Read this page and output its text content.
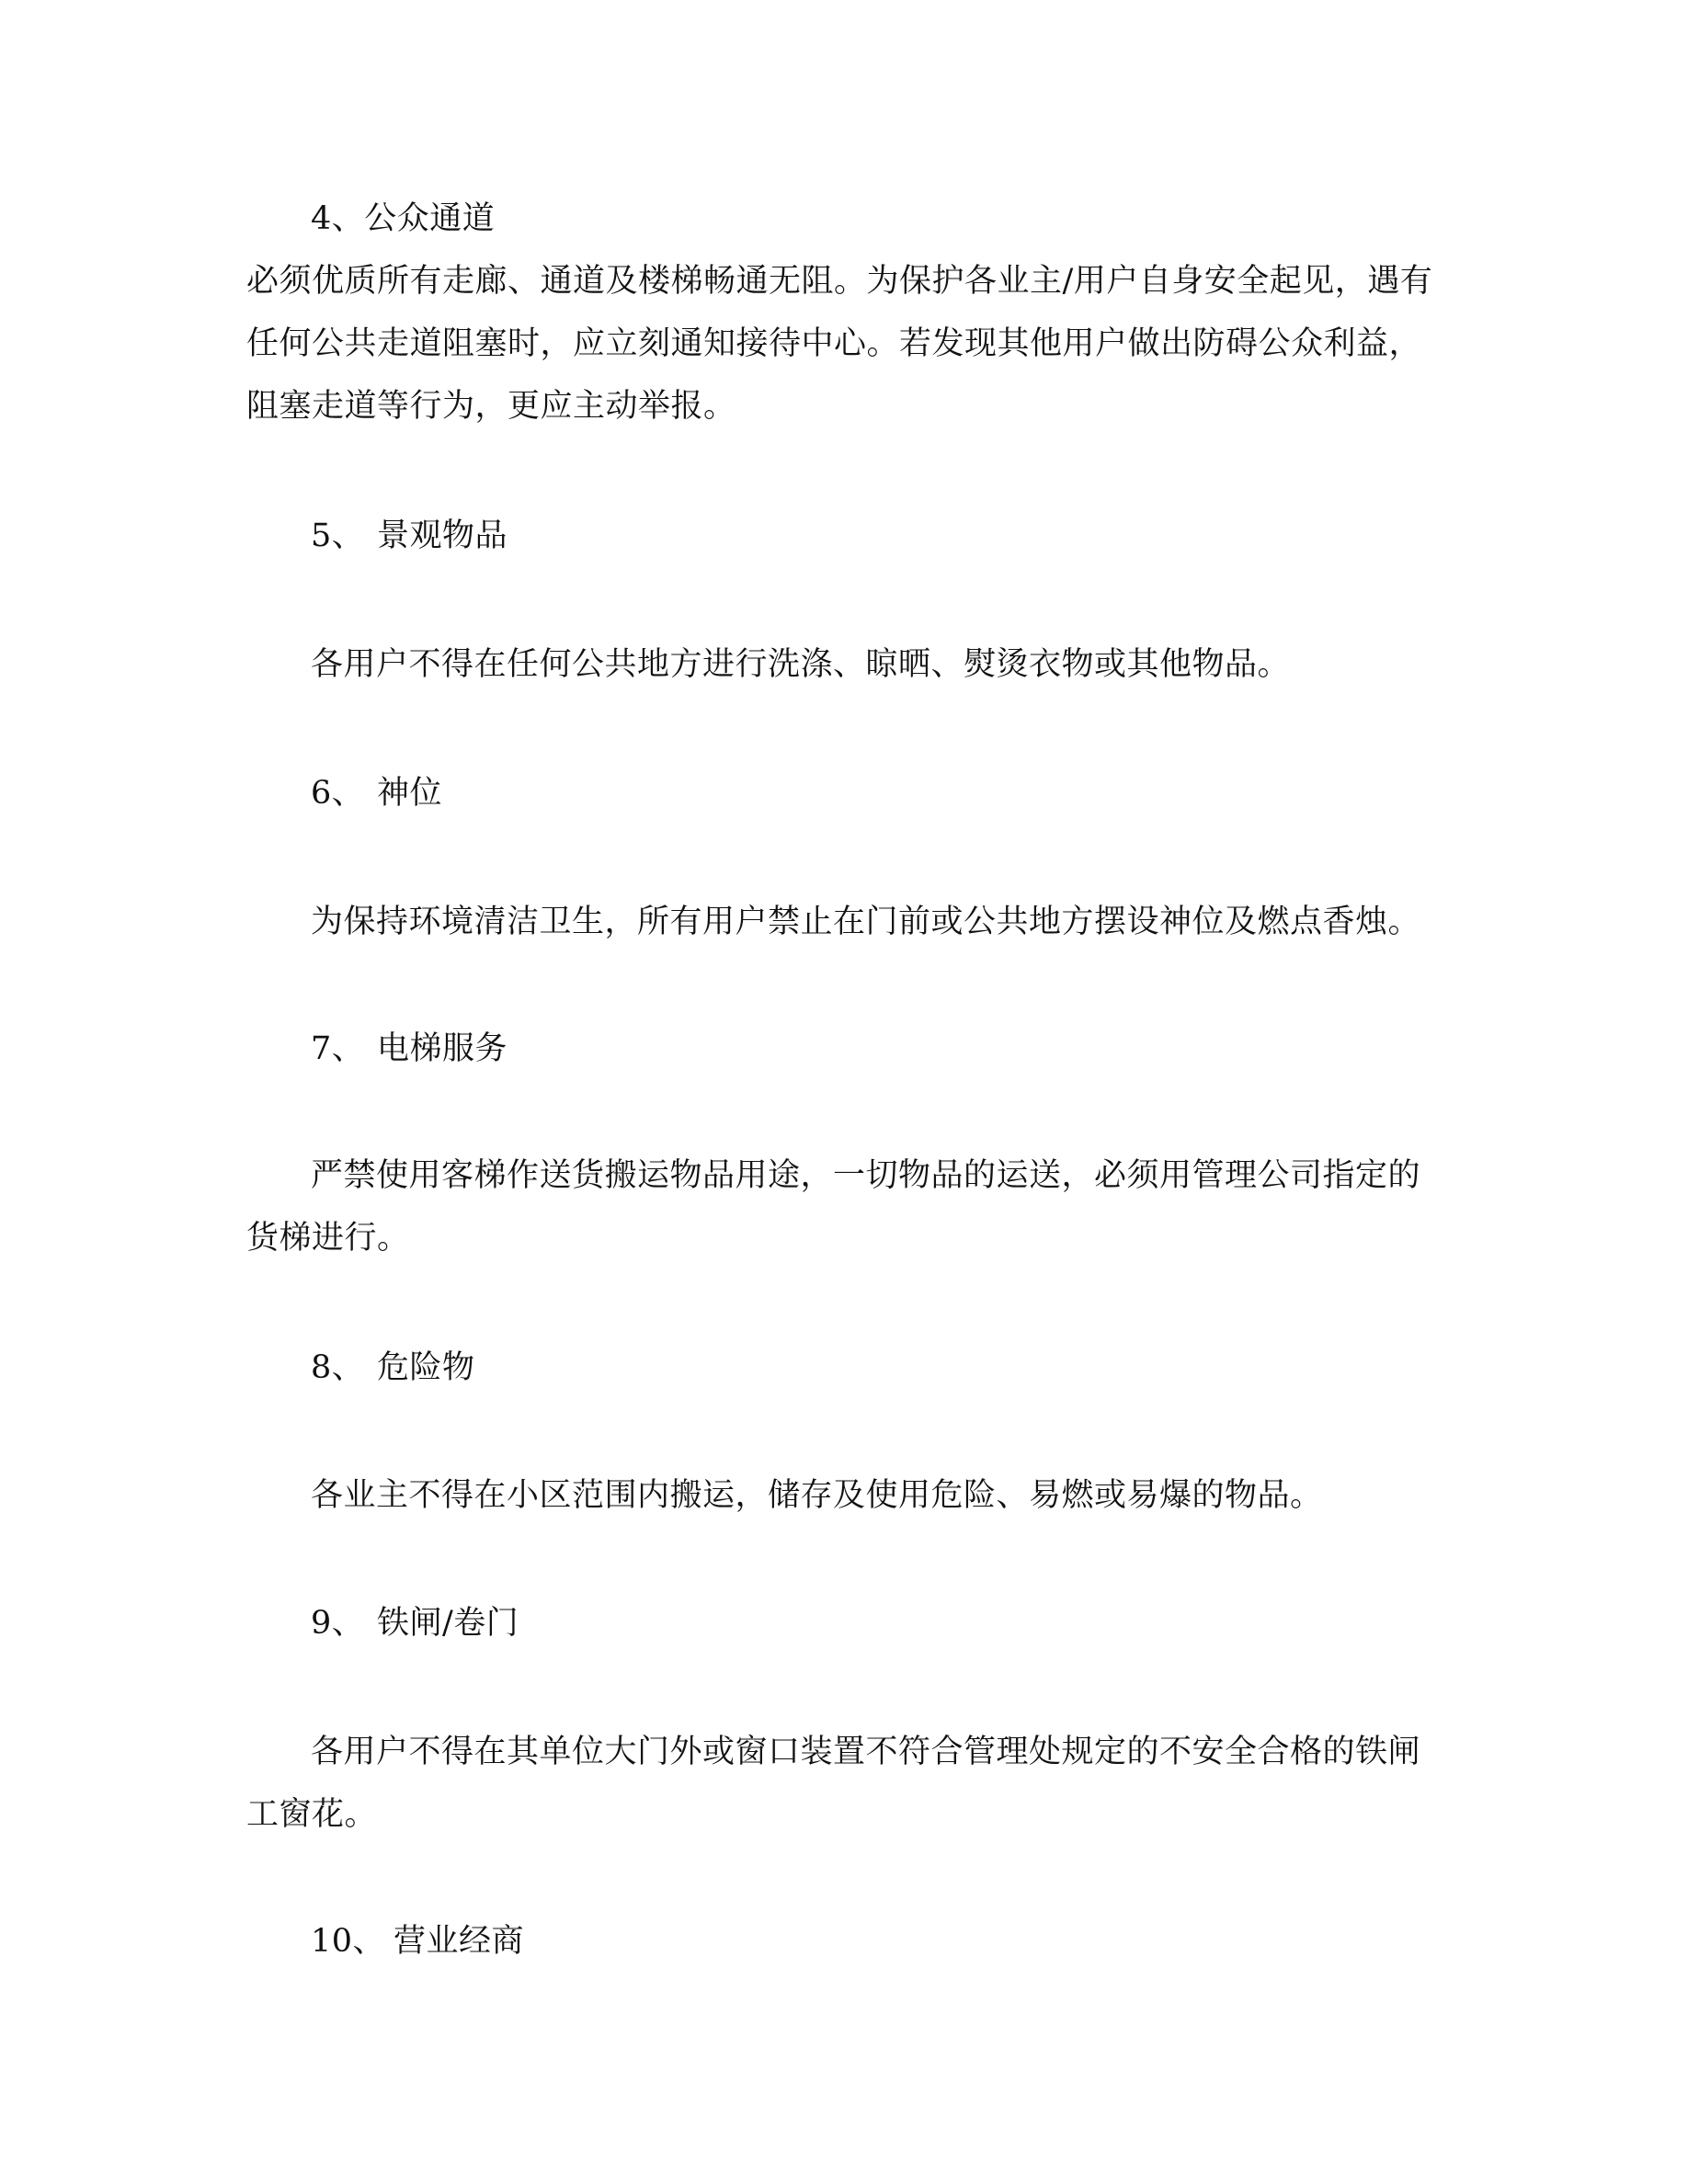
4、公众通道
必须优质所有走廊、通道及楼梯畅通无阻。为保护各业主/用户自身安全起见，遇有
任何公共走道阻塞时，应立刻通知接待中心。若发现其他用户做出防碍公众利益，
阻塞走道等行为，更应主动举报。
5、 景观物品
各用户不得在任何公共地方进行洗涤、晾晒、熨烫衣物或其他物品。
6、 神位
为保持环境清洁卫生，所有用户禁止在门前或公共地方摆设神位及燃点香烛。
7、 电梯服务
严禁使用客梯作送货搬运物品用途，一切物品的运送，必须用管理公司指定的
货梯进行。
8、 危险物
各业主不得在小区范围内搬运，储存及使用危险、易燃或易爆的物品。
9、 铁闸/卷门
各用户不得在其单位大门外或窗口装置不符合管理处规定的不安全合格的铁闸
工窗花。
10、 营业经商
